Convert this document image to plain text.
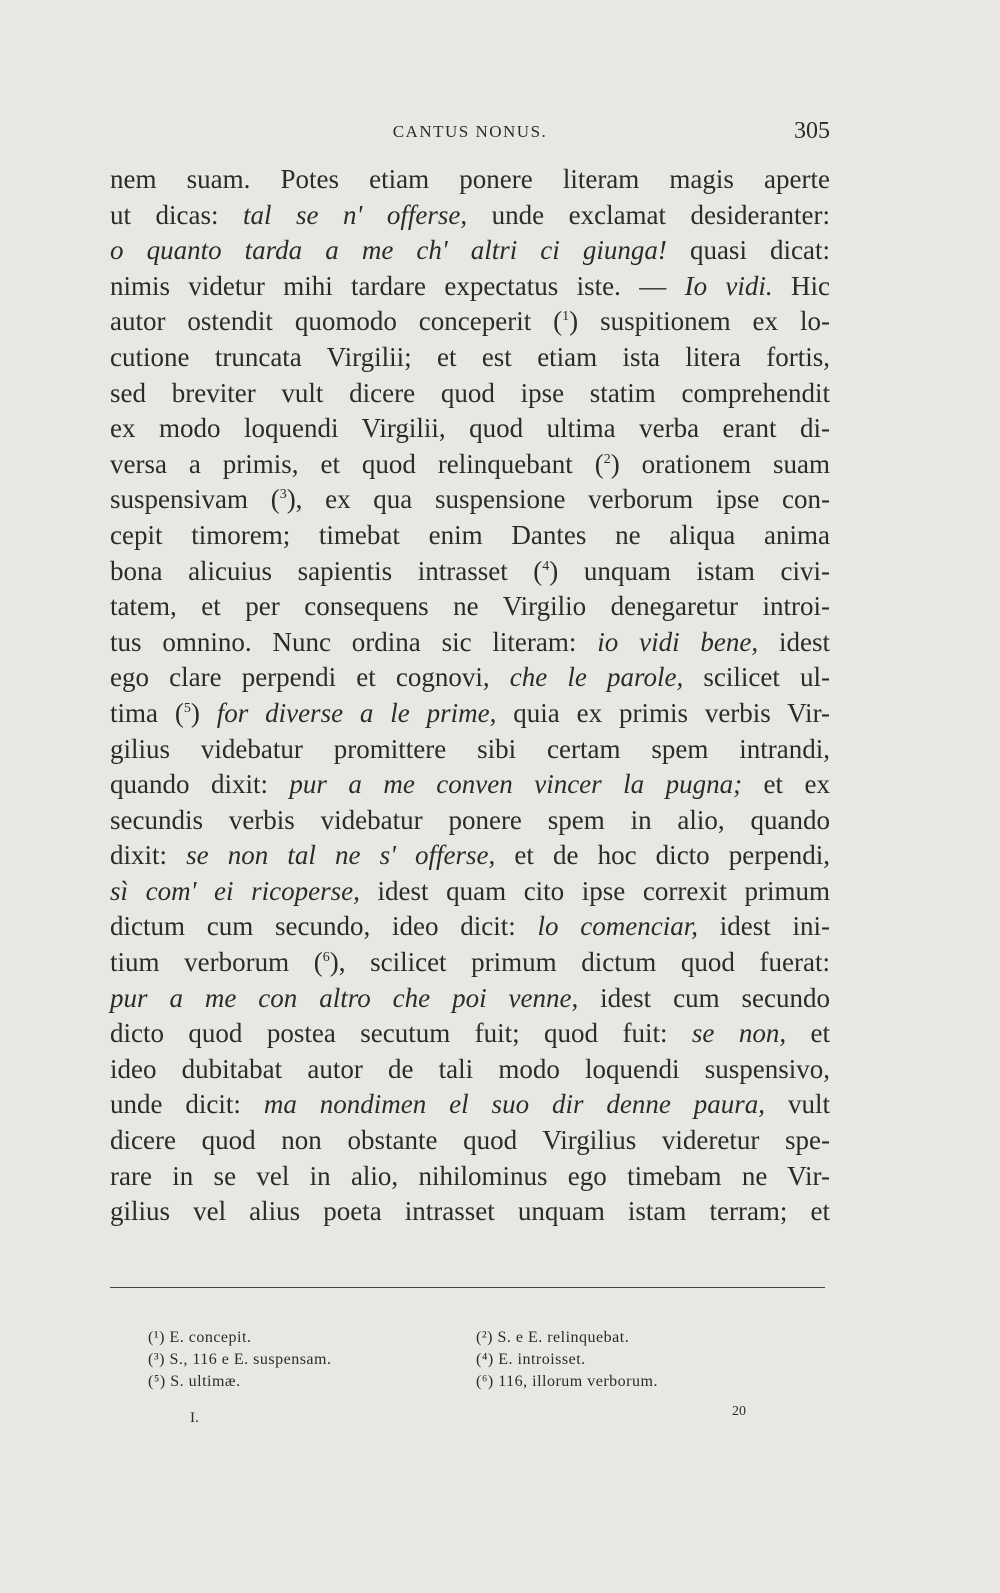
CANTUS NONUS.	305
nem suam. Potes etiam ponere literam magis aperte
ut dicas: tal se n' offerse, unde exclamat desideranter:
o quanto tarda a me ch' altri ci giunga! quasi dicat:
nimis videtur mihi tardare expectatus iste. — Io vidi. Hic
autor ostendit quomodo conceperit ($^1$) suspitionem ex lo-
cutione truncata Virgilii; et est etiam ista litera fortis,
sed breviter vult dicere quod ipse statim comprehendit
ex modo loquendi Virgilii, quod ultima verba erant di-
versa a primis, et quod relinquebant ($^2$) orationem suam
suspensivam ($^3$), ex qua suspensione verborum ipse con-
cepit timorem; timebat enim Dantes ne aliqua anima
bona alicuius sapientis intrasset ($^4$) unquam istam civi-
tatem, et per consequens ne Virgilio denegaretur introi-
tus omnino. Nunc ordina sic literam: io vidi bene, idest
ego clare perpendi et cognovi, che le parole, scilicet ul-
tima ($^5$) for diverse a le prime, quia ex primis verbis Vir-
gilius videbatur promittere sibi certam spem intrandi,
quando dixit: pur a me conven vincer la pugna; et ex
secundis verbis videbatur ponere spem in alio, quando
dixit: se non tal ne s' offerse, et de hoc dicto perpendi,
sì com' ei ricoperse, idest quam cito ipse correxit primum
dictum cum secundo, ideo dicit: lo comenciar, idest ini-
tium verborum ($^6$), scilicet primum dictum quod fuerat:
pur a me con altro che poi venne, idest cum secundo
dicto quod postea secutum fuit; quod fuit: se non, et
ideo dubitabat autor de tali modo loquendi suspensivo,
unde dicit: ma nondimen el suo dir denne paura, vult
dicere quod non obstante quod Virgilius videretur spe-
rare in se vel in alio, nihilominus ego timebam ne Vir-
gilius vel alius poeta intrasset unquam istam terram; et
(¹) E. concepit.
(³) S., 116 e E. suspensam.
(⁵) S. ultimæ.
(²) S. e E. relinquebat.
(⁴) E. introisset.
(⁶) 116, illorum verborum.
I.	20
